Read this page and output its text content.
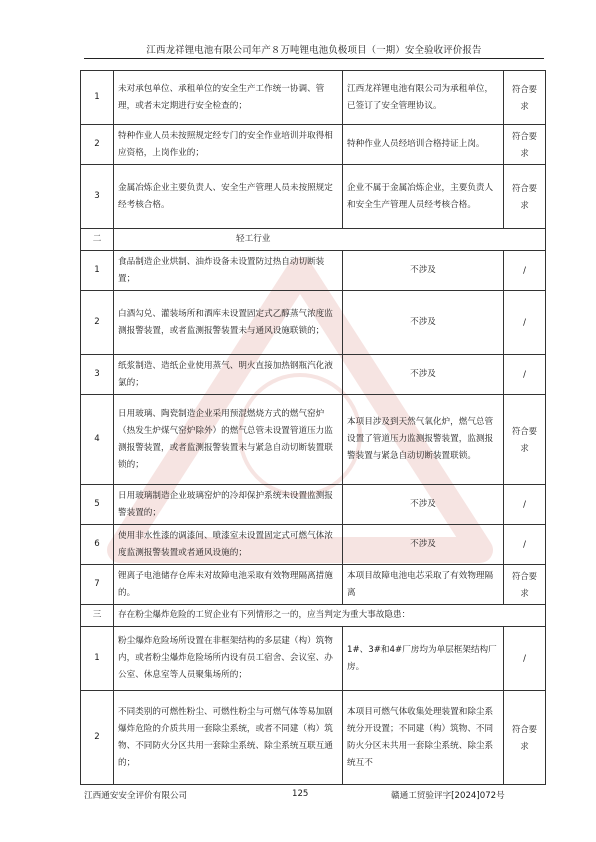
江西龙祥锂电池有限公司年产８万吨锂电池负极项目（一期）安全验收评价报告
1	未对承包单位、承租单位的安全生产工作统一协调、管理，或者未定期进行安全检查的；	江西龙祥锂电池有限公司为承租单位，已签订了安全管理协议。	符合要求
2	特种作业人员未按照规定经专门的安全作业培训并取得相应资格，上岗作业的；	特种作业人员经培训合格持证上岗。	符合要求
3	金属冶炼企业主要负责人、安全生产管理人员未按照规定经考核合格。	企业不属于金属冶炼企业，主要负责人和安全生产管理人员经考核合格。	符合要求
二	轻工行业		
1	食品制造企业烘制、油炸设备未设置防过热自动切断装置；	不涉及	/
2	白酒勾兑、灌装场所和酒库未设置固定式乙醇蒸气浓度监测报警装置，或者监测报警装置未与通风设施联锁的；	不涉及	/
3	纸浆制造、造纸企业使用蒸气、明火直接加热钢瓶汽化液氯的；	不涉及	/
4	日用玻璃、陶瓷制造企业采用预混燃烧方式的燃气窑炉（热发生炉煤气窑炉除外）的燃气总管未设置管道压力监测报警装置，或者监测报警装置未与紧急自动切断装置联锁的；	本项目涉及到天然气氧化炉，燃气总管设置了管道压力监测报警装置，监测报警装置与紧急自动切断装置联锁。	符合要求
5	日用玻璃制造企业玻璃窑炉的冷却保护系统未设置监测报警装置的；	不涉及	/
6	使用非水性漆的调漆间、喷漆室未设置固定式可燃气体浓度监测报警装置或者通风设施的；	不涉及	/
7	锂离子电池储存仓库未对故障电池采取有效物理隔离措施的。	本项目故障电池电芯采取了有效物理隔离	符合要求
三	存在粉尘爆炸危险的工贸企业有下列情形之一的，应当判定为重大事故隐患：		
1	粉尘爆炸危险场所设置在非框架结构的多层建（构）筑物内，或者粉尘爆炸危险场所内设有员工宿舍、会议室、办公室、休息室等人员聚集场所的；	1#、3#和4#厂房均为单层框架结构厂房。	/
2	不同类别的可燃性粉尘、可燃性粉尘与可燃气体等易加剧爆炸危险的介质共用一套除尘系统，或者不同建（构）筑物、不同防火分区共用一套除尘系统、除尘系统互联互通的；	本项目可燃气体收集处理装置和除尘系统分开设置；不同建（构）筑物、不同防火分区未共用一套除尘系统、除尘系统互不	符合要求
江西通安安全评价有限公司	125	赣通工贸验评字[2024]072号
